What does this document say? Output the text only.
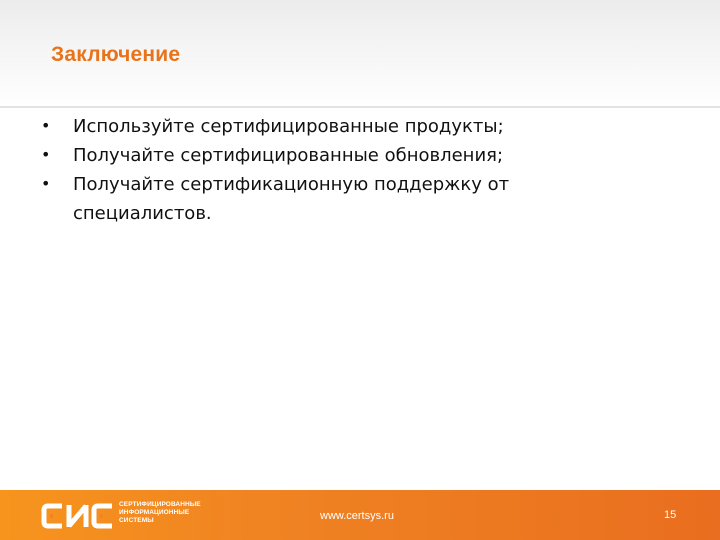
Заключение
• Используйте сертифицированные продукты;
• Получайте сертифицированные обновления;
• Получайте сертификационную поддержку от специалистов.
СЕРТИФИЦИРОВАННЫЕ
ИНФОРМАЦИОННЫЕ
СИСТЕМЫ	www.certsys.ru	15
